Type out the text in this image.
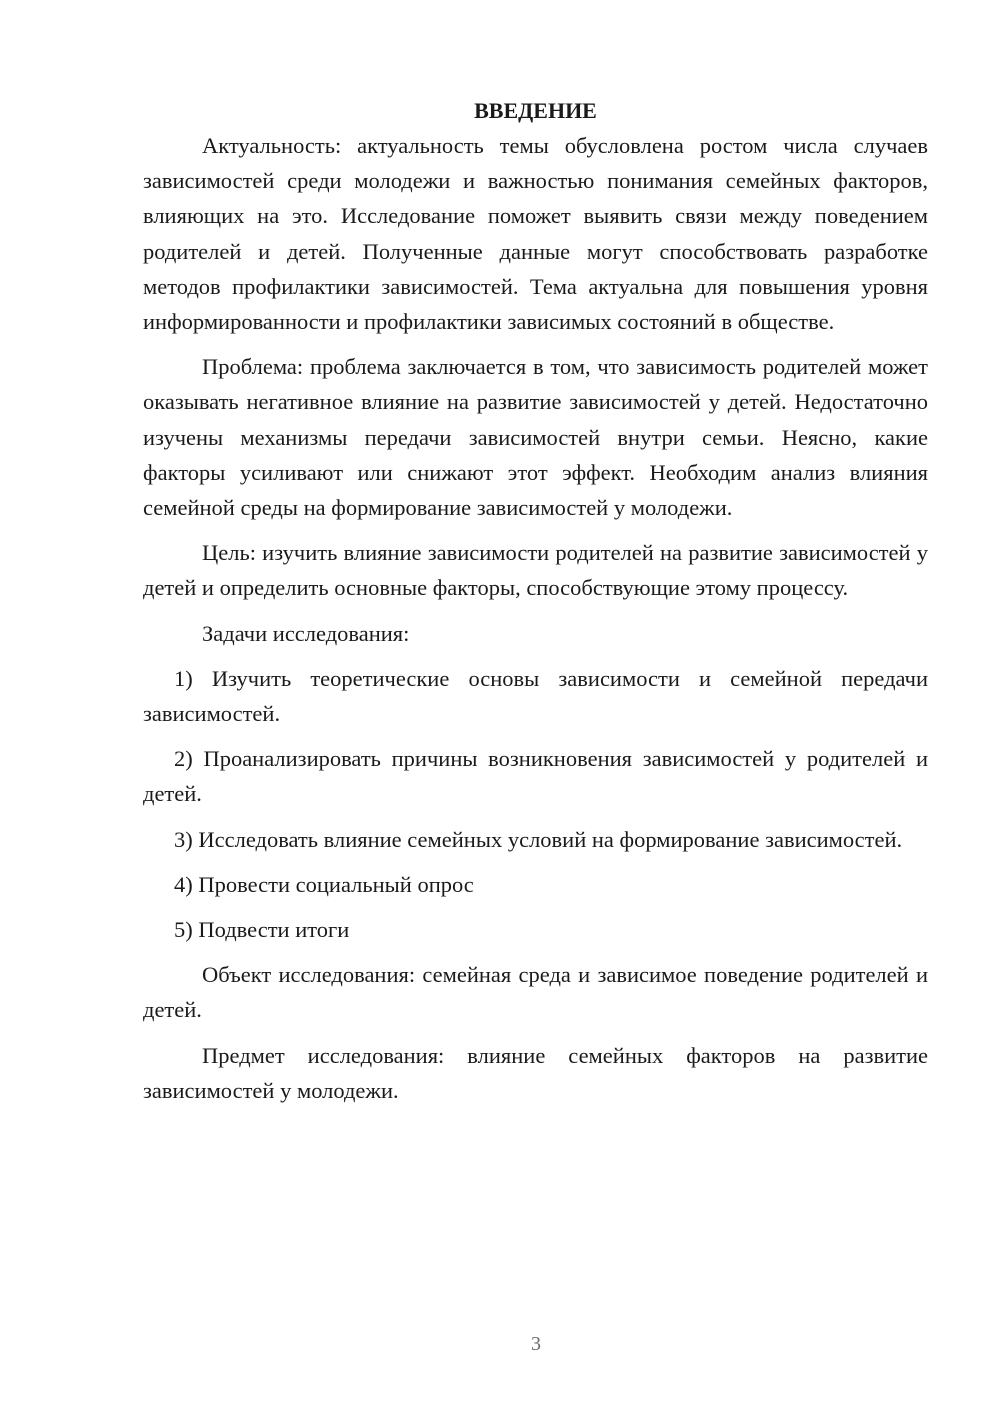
ВВЕДЕНИЕ

Актуальность: актуальность темы обусловлена ростом числа случаев зависимостей среди молодежи и важностью понимания семейных факторов, влияющих на это. Исследование поможет выявить связи между поведением родителей и детей. Полученные данные могут способствовать разработке методов профилактики зависимостей. Тема актуальна для повышения уровня информированности и профилактики зависимых состояний в обществе.

Проблема: проблема заключается в том, что зависимость родителей может оказывать негативное влияние на развитие зависимостей у детей. Недостаточно изучены механизмы передачи зависимостей внутри семьи. Неясно, какие факторы усиливают или снижают этот эффект. Необходим анализ влияния семейной среды на формирование зависимостей у молодежи.

Цель: изучить влияние зависимости родителей на развитие зависимостей у детей и определить основные факторы, способствующие этому процессу.

Задачи исследования:

1) Изучить теоретические основы зависимости и семейной передачи зависимостей.

2) Проанализировать причины возникновения зависимостей у родителей и детей.

3) Исследовать влияние семейных условий на формирование зависимостей.

4) Провести социальный опрос

5) Подвести итоги

Объект исследования: семейная среда и зависимое поведение родителей и детей.

Предмет исследования: влияние семейных факторов на развитие зависимостей у молодежи.

3
